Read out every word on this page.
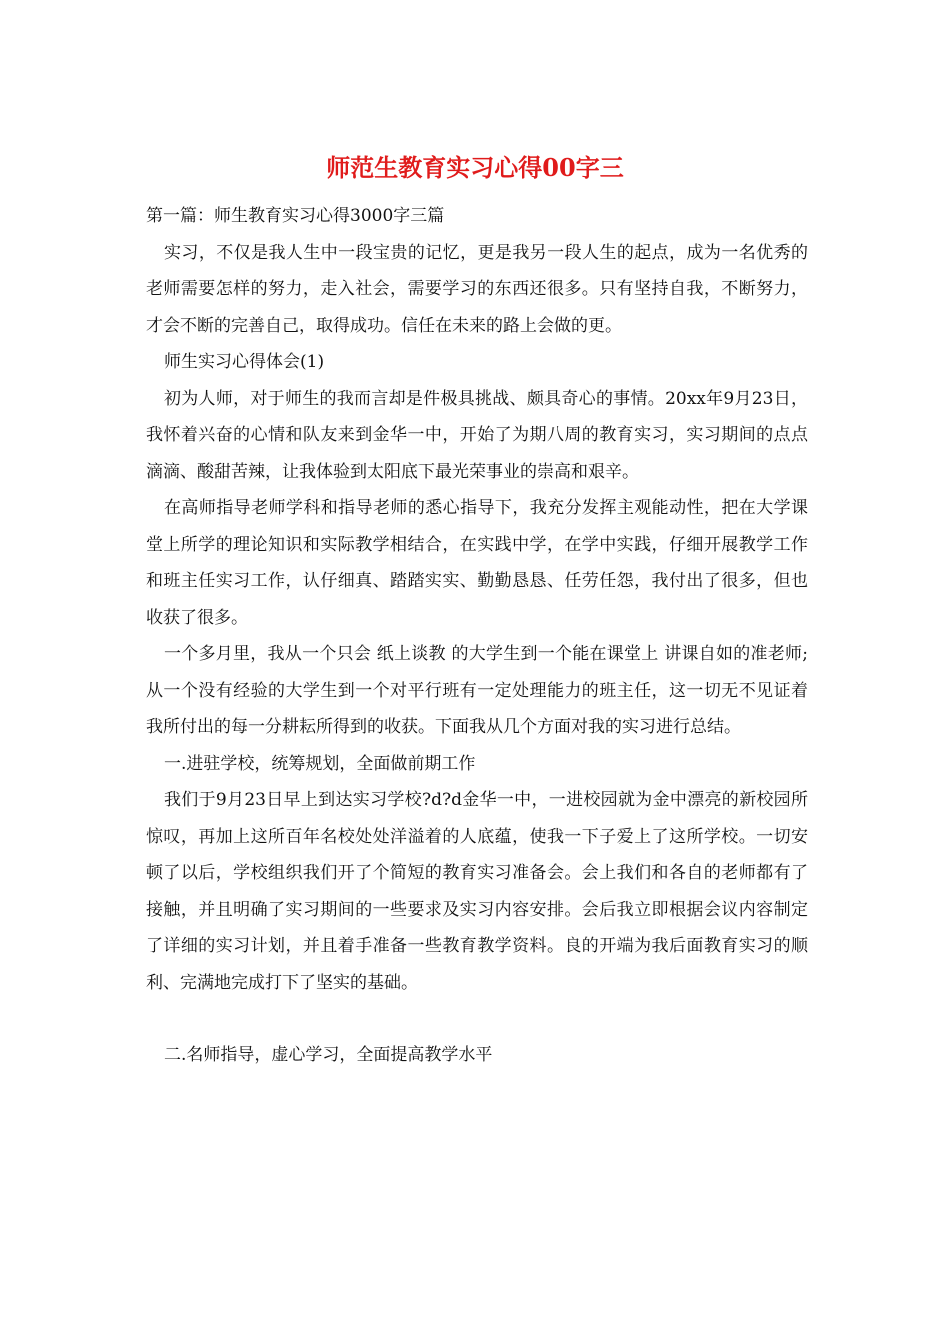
师范生教育实习心得00字三

第一篇：师生教育实习心得3000字三篇

实习，不仅是我人生中一段宝贵的记忆，更是我另一段人生的起点，成为一名优秀的老师需要怎样的努力，走入社会，需要学习的东西还很多。只有坚持自我，不断努力，才会不断的完善自己，取得成功。信任在未来的路上会做的更。

师生实习心得体会(1)

初为人师，对于师生的我而言却是件极具挑战、颇具奇心的事情。20xx年9月23日，我怀着兴奋的心情和队友来到金华一中，开始了为期八周的教育实习，实习期间的点点滴滴、酸甜苦辣，让我体验到太阳底下最光荣事业的崇高和艰辛。

在高师指导老师学科和指导老师的悉心指导下，我充分发挥主观能动性，把在大学课堂上所学的理论知识和实际教学相结合，在实践中学，在学中实践，仔细开展教学工作和班主任实习工作，认仔细真、踏踏实实、勤勤恳恳、任劳任怨，我付出了很多，但也收获了很多。

一个多月里，我从一个只会 纸上谈教 的大学生到一个能在课堂上 讲课自如的准老师;从一个没有经验的大学生到一个对平行班有一定处理能力的班主任，这一切无不见证着我所付出的每一分耕耘所得到的收获。下面我从几个方面对我的实习进行总结。

一.进驻学校，统筹规划，全面做前期工作

我们于9月23日早上到达实习学校?d?d金华一中，一进校园就为金中漂亮的新校园所惊叹，再加上这所百年名校处处洋溢着的人底蕴，使我一下子爱上了这所学校。一切安顿了以后，学校组织我们开了个简短的教育实习准备会。会上我们和各自的老师都有了接触，并且明确了实习期间的一些要求及实习内容安排。会后我立即根据会议内容制定了详细的实习计划，并且着手准备一些教育教学资料。良的开端为我后面教育实习的顺利、完满地完成打下了坚实的基础。

二.名师指导，虚心学习，全面提高教学水平
